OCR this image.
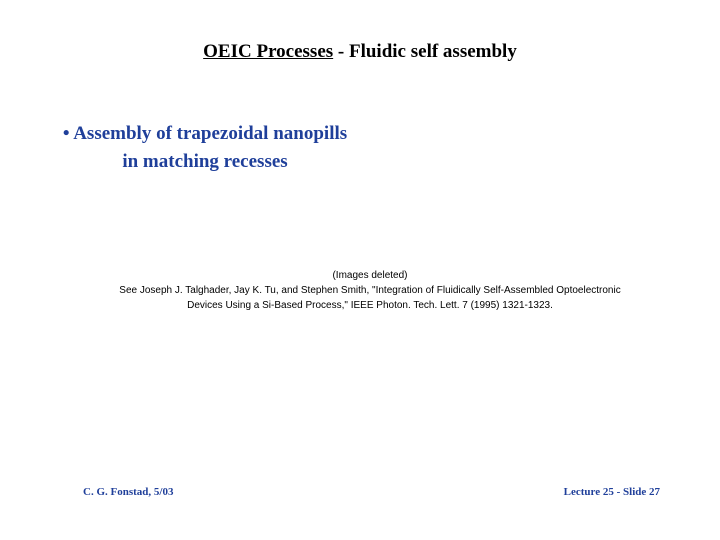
OEIC Processes - Fluidic self assembly
• Assembly of trapezoidal nanopills in matching recesses
(Images deleted)
See Joseph J. Talghader, Jay K. Tu, and Stephen Smith, "Integration of Fluidically Self-Assembled Optoelectronic
Devices Using a Si-Based Process," IEEE Photon. Tech. Lett. 7 (1995) 1321-1323.
C. G. Fonstad, 5/03	Lecture 25 - Slide 27
